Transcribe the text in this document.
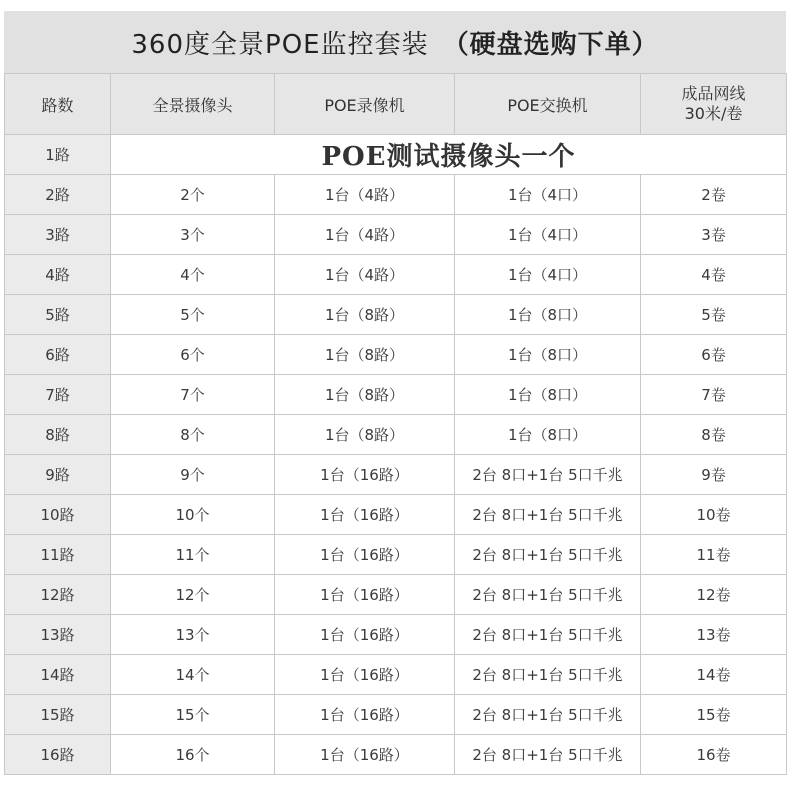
360度全景POE监控套装 （硬盘选购下单）
路数	全景摄像头	POE录像机	POE交换机	成品网线
30米/卷

1路	POE测试摄像头一个			
2路	2个	1台（4路）	1台（4口）	2卷
3路	3个	1台（4路）	1台（4口）	3卷
4路	4个	1台（4路）	1台（4口）	4卷
5路	5个	1台（8路）	1台（8口）	5卷
6路	6个	1台（8路）	1台（8口）	6卷
7路	7个	1台（8路）	1台（8口）	7卷
8路	8个	1台（8路）	1台（8口）	8卷
9路	9个	1台（16路）	2台 8口+1台 5口千兆	9卷
10路	10个	1台（16路）	2台 8口+1台 5口千兆	10卷
11路	11个	1台（16路）	2台 8口+1台 5口千兆	11卷
12路	12个	1台（16路）	2台 8口+1台 5口千兆	12卷
13路	13个	1台（16路）	2台 8口+1台 5口千兆	13卷
14路	14个	1台（16路）	2台 8口+1台 5口千兆	14卷
15路	15个	1台（16路）	2台 8口+1台 5口千兆	15卷
16路	16个	1台（16路）	2台 8口+1台 5口千兆	16卷
